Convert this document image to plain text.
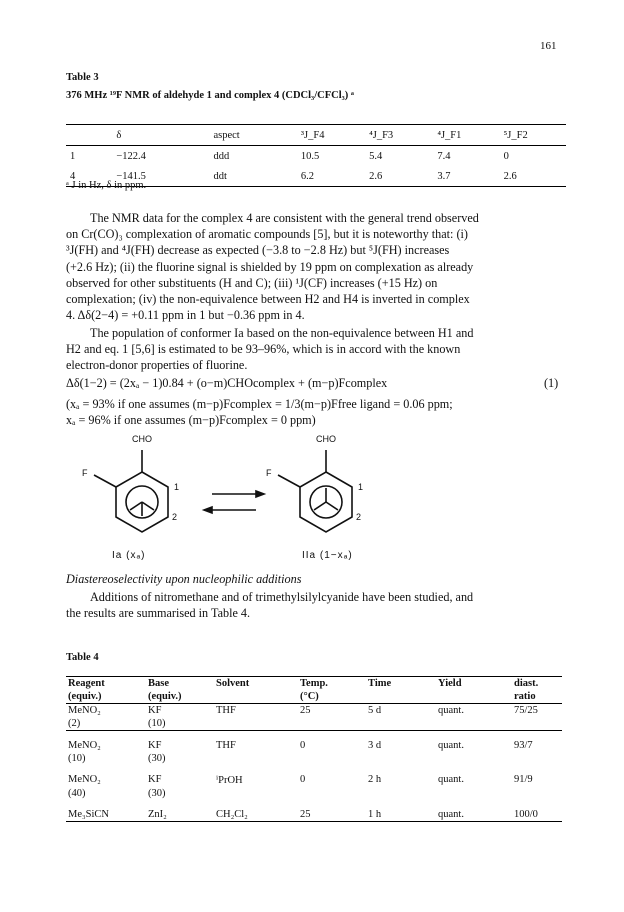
161
Table 3
376 MHz ¹⁹F NMR of aldehyde 1 and complex 4 (CDCl₃/CFCl₃) ᵃ
	δ	aspect	³J_F4	⁴J_F3	⁴J_F1	⁵J_F2
1	−122.4	ddd	10.5	5.4	7.4	0
4	−141.5	ddt	6.2	2.6	3.7	2.6
ᵃ J in Hz, δ in ppm.
The NMR data for the complex 4 are consistent with the general trend observed
on Cr(CO)₃ complexation of aromatic compounds [5], but it is noteworthy that: (i)
³J(FH) and ⁴J(FH) decrease as expected (−3.8 to −2.8 Hz) but ⁵J(FH) increases
(+2.6 Hz); (ii) the fluorine signal is shielded by 19 ppm on complexation as already
observed for other substituents (H and C); (iii) ¹J(CF) increases (+15 Hz) on
complexation; (iv) the non-equivalence between H2 and H4 is inverted in complex
4. Δδ(2−4) = +0.11 ppm in 1 but −0.36 ppm in 4.
The population of conformer Ia based on the non-equivalence between H1 and
H2 and eq. 1 [5,6] is estimated to be 93–96%, which is in accord with the known
electron-donor properties of fluorine.
Δδ(1−2) = (2xₐ − 1)0.84 + (o−m)CHOcomplex + (m−p)Fcomplex	(1)
(xₐ = 93% if one assumes (m−p)Fcomplex = 1/3(m−p)Ffree ligand = 0.06 ppm;
xₐ = 96% if one assumes (m−p)Fcomplex = 0 ppm)
CHO	CHO
F	F
1
2
1
2
Ia (xₐ)	IIa (1−xₐ)
Diastereoselectivity upon nucleophilic additions
Additions of nitromethane and of trimethylsilylcyanide have been studied, and
the results are summarised in Table 4.
Table 4
Reagent	Base	Solvent	Temp.	Time	Yield	diast.
(equiv.)	(equiv.)		(°C)			ratio
MeNO₂	KF	THF	25	5 d	quant.	75/25
(2)	(10)					

MeNO₂	KF	THF	0	3 d	quant.	93/7
(10)	(30)					

MeNO₂	KF	ⁱPrOH	0	2 h	quant.	91/9
(40)	(30)					

Me₃SiCN	ZnI₂	CH₂Cl₂	25	1 h	quant.	100/0
